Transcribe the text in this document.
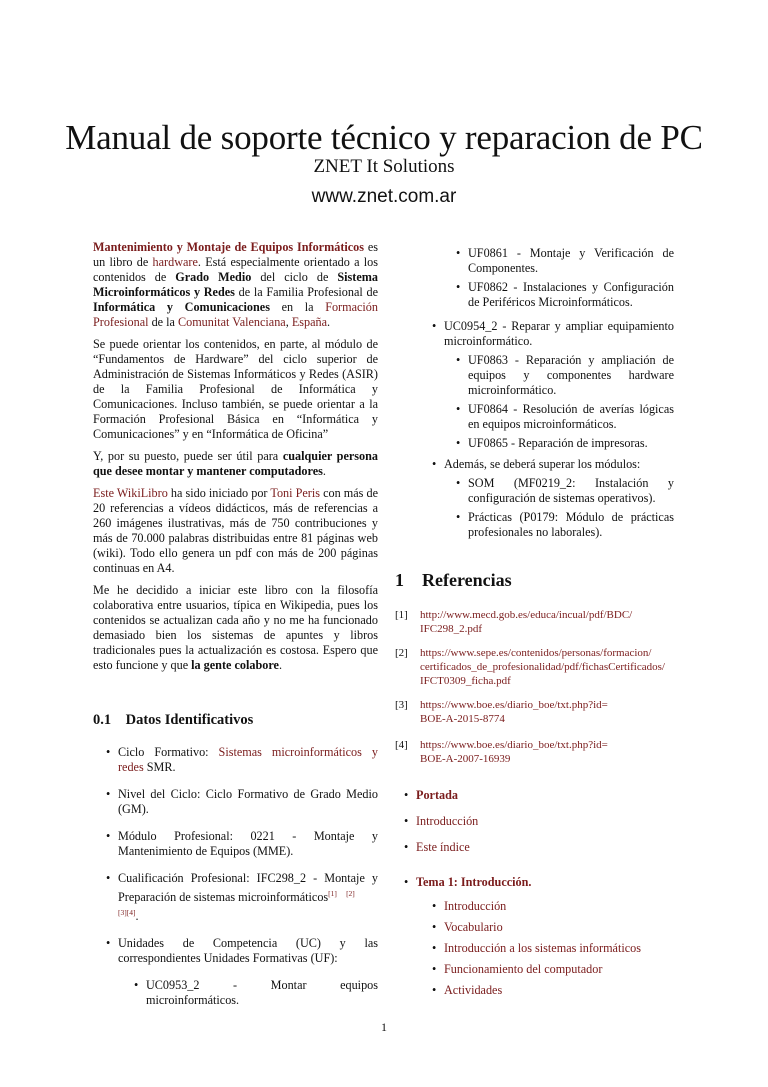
Manual de soporte técnico y reparacion de PC
ZNET It Solutions
www.znet.com.ar

Mantenimiento y Montaje de Equipos Informáticos es un libro de hardware. Está especialmente orientado a los contenidos de Grado Medio del ciclo de Sistema Microinformáticos y Redes de la Familia Profesional de Informática y Comunicaciones en la Formación Profesional de la Comunitat Valenciana, España.

Se puede orientar los contenidos, en parte, al módulo de “Fundamentos de Hardware” del ciclo superior de Administración de Sistemas Informáticos y Redes (ASIR) de la Familia Profesional de Informática y Comunicaciones. Incluso también, se puede orientar a la Formación Profesional Básica en “Informática y Comunicaciones” y en “Informática de Oficina”

Y, por su puesto, puede ser útil para cualquier persona que desee montar y mantener computadores.

Este WikiLibro ha sido iniciado por Toni Peris con más de 20 referencias a vídeos didácticos, más de referencias a 260 imágenes ilustrativas, más de 750 contribuciones y más de 70.000 palabras distribuidas entre 81 páginas web (wiki). Todo ello genera un pdf con más de 200 páginas continuas en A4.

Me he decidido a iniciar este libro con la filosofía colaborativa entre usuarios, típica en Wikipedia, pues los contenidos se actualizan cada año y no me ha funcionado demasiado bien los sistemas de apuntes y libros tradicionales pues la actualización es costosa. Espero que esto funcione y que la gente colabore.

0.1 Datos Identificativos
• Ciclo Formativo: Sistemas microinformáticos y redes SMR.
• Nivel del Ciclo: Ciclo Formativo de Grado Medio (GM).
• Módulo Profesional: 0221 - Montaje y Mantenimiento de Equipos (MME).
• Cualificación Profesional: IFC298_2 - Montaje y Preparación de sistemas microinformáticos[1] [2]
[3][4].
• Unidades de Competencia (UC) y las correspondientes Unidades Formativas (UF):
• UC0953_2 - Montar equipos microinformáticos.
• UF0861 - Montaje y Verificación de Componentes.
• UF0862 - Instalaciones y Configuración de Periféricos Microinformáticos.
• UC0954_2 - Reparar y ampliar equipamiento microinformático.
• UF0863 - Reparación y ampliación de equipos y componentes hardware microinformático.
• UF0864 - Resolución de averías lógicas en equipos microinformáticos.
• UF0865 - Reparación de impresoras.
• Además, se deberá superar los módulos:
• SOM (MF0219_2: Instalación y configuración de sistemas operativos).
• Prácticas (P0179: Módulo de prácticas profesionales no laborales).
1 Referencias
[1] http://www.mecd.gob.es/educa/incual/pdf/BDC/
IFC298_2.pdf
[2] https://www.sepe.es/contenidos/personas/formacion/
certificados_de_profesionalidad/pdf/fichasCertificados/
IFCT0309_ficha.pdf
[3] https://www.boe.es/diario_boe/txt.php?id=
BOE-A-2015-8774
[4] https://www.boe.es/diario_boe/txt.php?id=
BOE-A-2007-16939
• Portada
• Introducción
• Este índice
• Tema 1: Introducción.
• Introducción
• Vocabulario
• Introducción a los sistemas informáticos
• Funcionamiento del computador
• Actividades
1
